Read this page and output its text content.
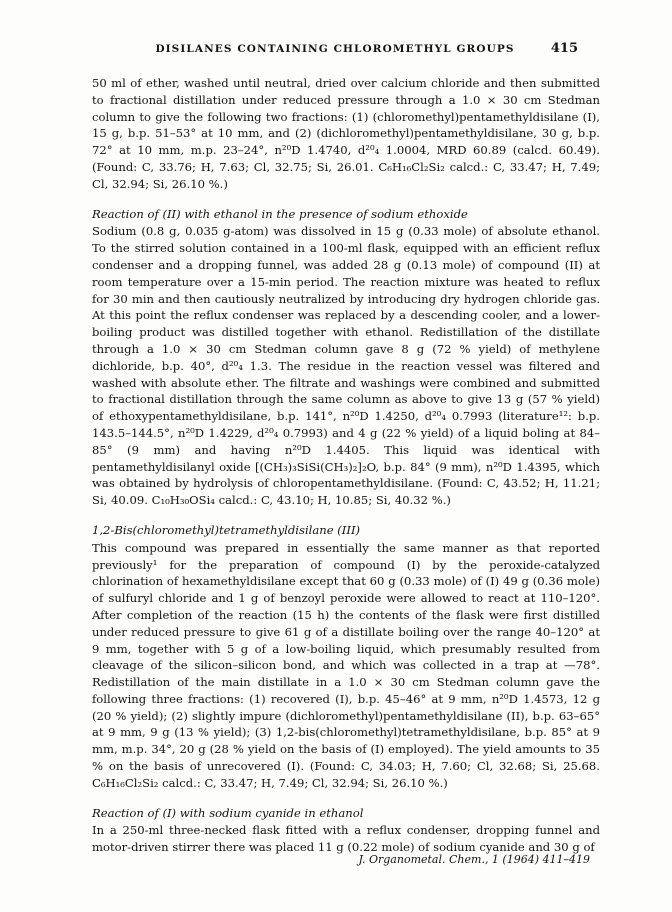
DISILANES CONTAINING CHLOROMETHYL GROUPS	415

50 ml of ether, washed until neutral, dried over calcium chloride and then submitted to fractional distillation under reduced pressure through a 1.0 × 30 cm Stedman column to give the following two fractions: (1) (chloromethyl)pentamethyldisilane (I), 15 g, b.p. 51–53° at 10 mm, and (2) (dichloromethyl)pentamethyldisilane, 30 g, b.p. 72° at 10 mm, m.p. 23–24°, n²⁰D 1.4740, d²⁰₄ 1.0004, MRD 60.89 (calcd. 60.49). (Found: C, 33.76; H, 7.63; Cl, 32.75; Si, 26.01. C₆H₁₆Cl₂Si₂ calcd.: C, 33.47; H, 7.49; Cl, 32.94; Si, 26.10 %.)

Reaction of (II) with ethanol in the presence of sodium ethoxide

Sodium (0.8 g, 0.035 g-atom) was dissolved in 15 g (0.33 mole) of absolute ethanol. To the stirred solution contained in a 100-ml flask, equipped with an efficient reflux condenser and a dropping funnel, was added 28 g (0.13 mole) of compound (II) at room temperature over a 15-min period. The reaction mixture was heated to reflux for 30 min and then cautiously neutralized by introducing dry hydrogen chloride gas. At this point the reflux condenser was replaced by a descending cooler, and a lower-boiling product was distilled together with ethanol. Redistillation of the distillate through a 1.0 × 30 cm Stedman column gave 8 g (72 % yield) of methylene dichloride, b.p. 40°, d²⁰₄ 1.3. The residue in the reaction vessel was filtered and washed with absolute ether. The filtrate and washings were combined and submitted to fractional distillation through the same column as above to give 13 g (57 % yield) of ethoxypentamethyldisilane, b.p. 141°, n²⁰D 1.4250, d²⁰₄ 0.7993 (literature¹²: b.p. 143.5–144.5°, n²⁰D 1.4229, d²⁰₄ 0.7993) and 4 g (22 % yield) of a liquid boling at 84–85° (9 mm) and having n²⁰D 1.4405. This liquid was identical with pentamethyldisilanyl oxide [(CH₃)₃SiSi(CH₃)₂]₂O, b.p. 84° (9 mm), n²⁰D 1.4395, which was obtained by hydrolysis of chloropentamethyldisilane. (Found: C, 43.52; H, 11.21; Si, 40.09. C₁₀H₃₀OSi₄ calcd.: C, 43.10; H, 10.85; Si, 40.32 %.)

1,2-Bis(chloromethyl)tetramethyldisilane (III)

This compound was prepared in essentially the same manner as that reported previously¹ for the preparation of compound (I) by the peroxide-catalyzed chlorination of hexamethyldisilane except that 60 g (0.33 mole) of (I) 49 g (0.36 mole) of sulfuryl chloride and 1 g of benzoyl peroxide were allowed to react at 110–120°. After completion of the reaction (15 h) the contents of the flask were first distilled under reduced pressure to give 61 g of a distillate boiling over the range 40–120° at 9 mm, together with 5 g of a low-boiling liquid, which presumably resulted from cleavage of the silicon–silicon bond, and which was collected in a trap at —78°. Redistillation of the main distillate in a 1.0 × 30 cm Stedman column gave the following three fractions: (1) recovered (I), b.p. 45–46° at 9 mm, n²⁰D 1.4573, 12 g (20 % yield); (2) slightly impure (dichloromethyl)pentamethyldisilane (II), b.p. 63–65° at 9 mm, 9 g (13 % yield); (3) 1,2-bis(chloromethyl)tetramethyldisilane, b.p. 85° at 9 mm, m.p. 34°, 20 g (28 % yield on the basis of (I) employed). The yield amounts to 35 % on the basis of unrecovered (I). (Found: C, 34.03; H, 7.60; Cl, 32.68; Si, 25.68. C₆H₁₆Cl₂Si₂ calcd.: C, 33.47; H, 7.49; Cl, 32.94; Si, 26.10 %.)

Reaction of (I) with sodium cyanide in ethanol

In a 250-ml three-necked flask fitted with a reflux condenser, dropping funnel and motor-driven stirrer there was placed 11 g (0.22 mole) of sodium cyanide and 30 g of

J. Organometal. Chem., 1 (1964) 411–419
